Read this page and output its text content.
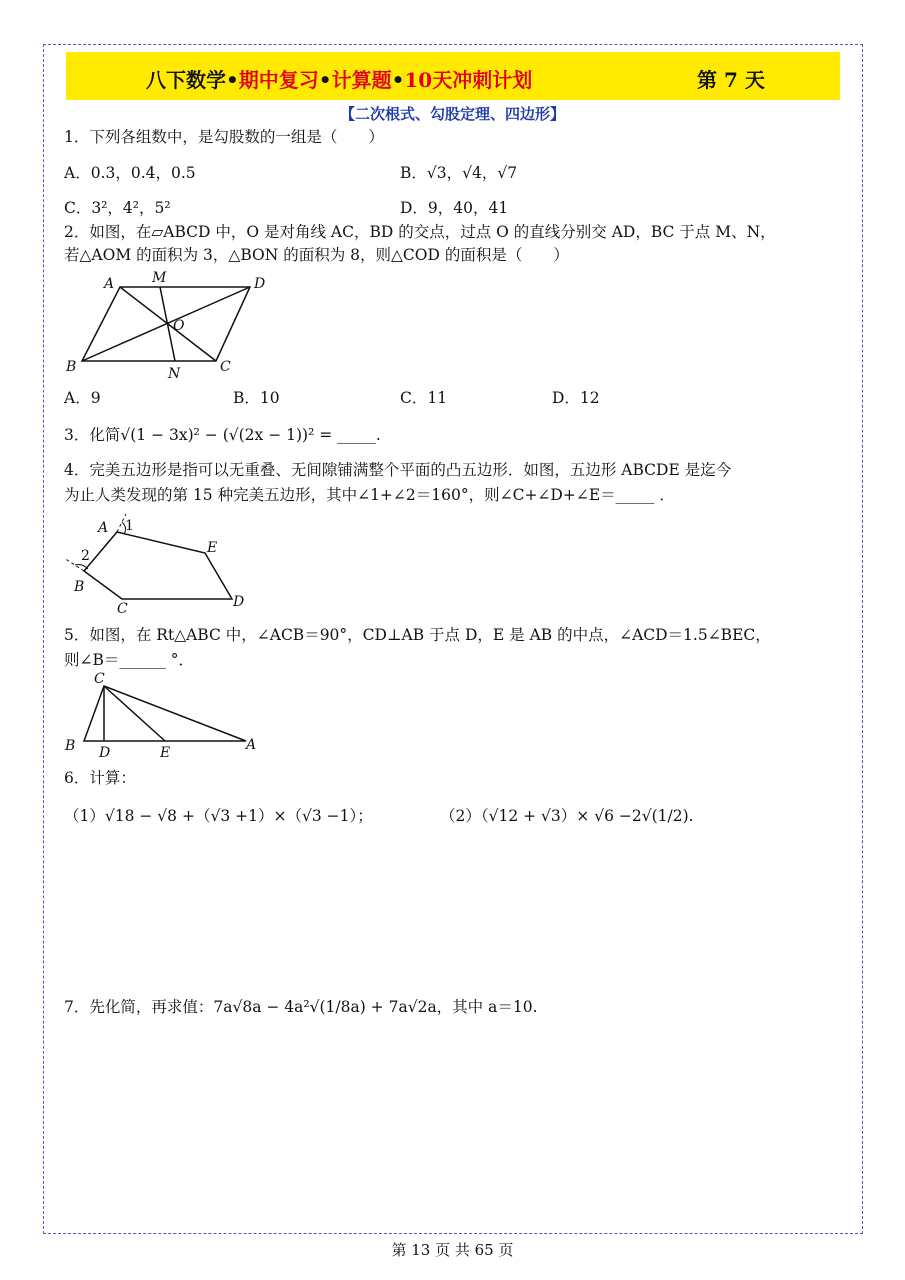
八下数学•期中复习•计算题•10天冲刺计划	第 7 天
【二次根式、勾股定理、四边形】
1．下列各组数中，是勾股数的一组是（　　）
A．0.3，0.4，0.5	B．√3，√4，√7
C．3²，4²，5²	D．9，40，41
2．如图，在▱ABCD 中，O 是对角线 AC，BD 的交点，过点 O 的直线分别交 AD，BC 于点 M、N，
若△AOM 的面积为 3，△BON 的面积为 8，则△COD 的面积是（　　）
A	M	D
O
B	N	C
A．9	B．10	C．11	D．12
3．化简√(1 − 3x)² − (√(2x − 1))² = _____.
4．完美五边形是指可以无重叠、无间隙铺满整个平面的凸五边形．如图，五边形 ABCDE 是迄今
为止人类发现的第 15 种完美五边形，其中∠1+∠2＝160°，则∠C+∠D+∠E＝_____ ．
A 1
2	E
B
C	D
5．如图，在 Rt△ABC 中，∠ACB＝90°，CD⊥AB 于点 D，E 是 AB 的中点，∠ACD＝1.5∠BEC，
则∠B＝______ °．
C
B D	E	A
6．计算：
（1）√18 − √8 +（√3 +1）×（√3 −1）；	（2）（√12 + √3）× √6 −2√(1/2).
7．先化简，再求值：7a√8a − 4a²√(1/8a) + 7a√2a，其中 a＝10.
第 13 页 共 65 页
